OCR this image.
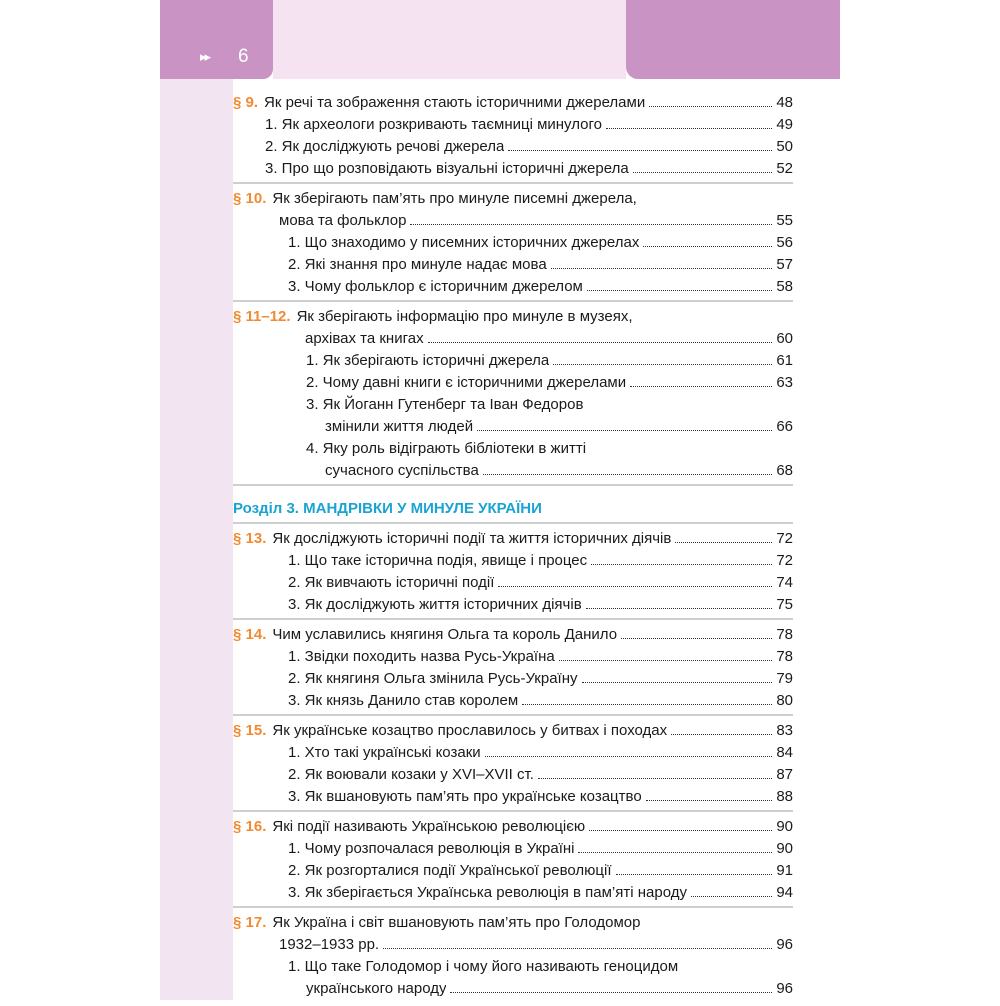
▸▸ 6
§ 9. Як речі та зображення стають історичними джерелами	48
1. Як археологи розкривають таємниці минулого	49
2. Як досліджують речові джерела	50
3. Про що розповідають візуальні історичні джерела	52
§ 10. Як зберігають пам’ять про минуле писемні джерела,
мова та фольклор	55
1. Що знаходимо у писемних історичних джерелах	56
2. Які знання про минуле надає мова	57
3. Чому фольклор є історичним джерелом	58
§ 11–12. Як зберігають інформацію про минуле в музеях,
архівах та книгах	60
1. Як зберігають історичні джерела	61
2. Чому давні книги є історичними джерелами	63
3. Як Йоганн Гутенберг та Іван Федоров
змінили життя людей	66
4. Яку роль відіграють бібліотеки в житті
сучасного суспільства	68
Розділ 3. МАНДРІВКИ У МИНУЛЕ УКРАЇНИ
§ 13. Як досліджують історичні події та життя історичних діячів	72
1. Що таке історична подія, явище і процес	72
2. Як вивчають історичні події	74
3. Як досліджують життя історичних діячів	75
§ 14. Чим уславились княгиня Ольга та король Данило	78
1. Звідки походить назва Русь-Україна	78
2. Як княгиня Ольга змінила Русь-Україну	79
3. Як князь Данило став королем	80
§ 15. Як українське козацтво прославилось у битвах і походах	83
1. Хто такі українські козаки	84
2. Як воювали козаки у XVI–XVII ст.	87
3. Як вшановують пам’ять про українське козацтво	88
§ 16. Які події називають Українською революцією	90
1. Чому розпочалася революція в Україні	90
2. Як розгорталися події Української революції	91
3. Як зберігається Українська революція в пам’яті народу	94
§ 17. Як Україна і світ вшановують пам’ять про Голодомор
1932–1933 рр.	96
1. Що таке Голодомор і чому його називають геноцидом
українського народу	96
